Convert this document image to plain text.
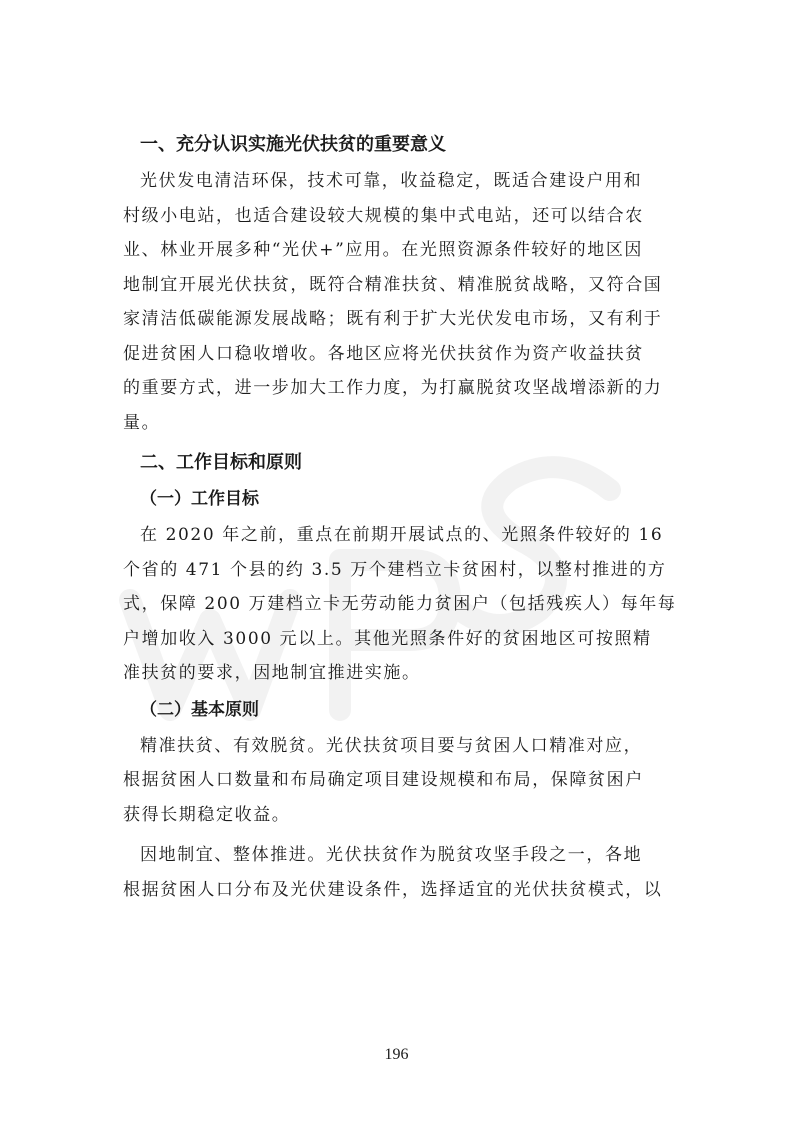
一、充分认识实施光伏扶贫的重要意义

光伏发电清洁环保，技术可靠，收益稳定，既适合建设户用和
村级小电站，也适合建设较大规模的集中式电站，还可以结合农
业、林业开展多种“光伏+”应用。在光照资源条件较好的地区因
地制宜开展光伏扶贫，既符合精准扶贫、精准脱贫战略，又符合国
家清洁低碳能源发展战略；既有利于扩大光伏发电市场，又有利于
促进贫困人口稳收增收。各地区应将光伏扶贫作为资产收益扶贫
的重要方式，进一步加大工作力度，为打赢脱贫攻坚战增添新的力
量。

二、工作目标和原则
（一）工作目标

在 2020 年之前，重点在前期开展试点的、光照条件较好的 16
个省的 471 个县的约 3.5 万个建档立卡贫困村，以整村推进的方
式，保障 200 万建档立卡无劳动能力贫困户（包括残疾人）每年每
户增加收入 3000 元以上。其他光照条件好的贫困地区可按照精
准扶贫的要求，因地制宜推进实施。

（二）基本原则

精准扶贫、有效脱贫。光伏扶贫项目要与贫困人口精准对应，
根据贫困人口数量和布局确定项目建设规模和布局，保障贫困户
获得长期稳定收益。

因地制宜、整体推进。光伏扶贫作为脱贫攻坚手段之一，各地
根据贫困人口分布及光伏建设条件，选择适宜的光伏扶贫模式，以

196
